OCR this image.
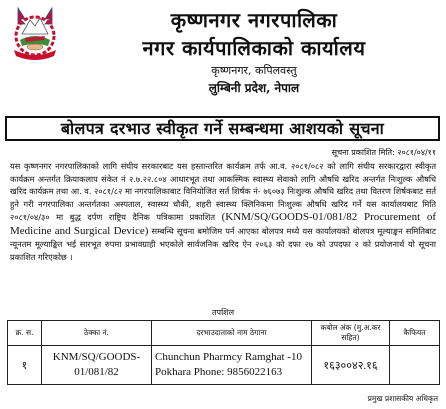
कृष्णनगर नगरपालिका
नगर कार्यपालिकाको कार्यालय
कृष्णनगर, कपिलवस्तु
लुम्बिनी प्रदेश, नेपाल
बोलपत्र दरभाउ स्वीकृत गर्ने सम्बन्धमा आशयको सूचना
सूचना प्रकाशित मिति: २०८१/०४/११
यस कृष्णनगर नगरपालिकाको लागि संघीय सरकारबाट यस हस्तान्तरित कार्यक्रम तर्फ आ.व. २०८१/०८२ को लागि संघीय सरकारद्वारा स्वीकृत कार्यक्रम अन्तर्गत क्रियाकलाप संकेत नं २.७.२२.८०४ आधारभूत तथा आकस्मिक स्वास्थ्य सेवाको लागि औषधि खरिद अन्तर्गत निःशुल्क औषधि खरिद कार्यक्रम तथा आ. व. २०८१/८२ मा नगरपालिकाबाट विनियोजित सर्त शिर्षक नं- ७६०७३ निःशुल्क औषधि खरिद तथा वितरण शिर्षकबाट सर्त हुने गरी नगरपालिका अन्तर्गतका अस्पताल, स्वास्थ्य चौकी, शहरी स्वास्थ्य क्लिनिकमा निःशुल्क औषधि खरिद गर्ने यस कार्यालयबाट मिति २०८१/०४/३० मा बुद्ध दर्पण राष्ट्रिय दैनिक पत्रिकामा प्रकाशित (KNM/SQ/GOODS-01/081/82 Procurement of Medicine and Surgical Device) सम्बन्धि सूचना बमोजिम पर्न आएका बोलपत्र मध्ये यस कार्यालयको बोलपत्र मूल्याङ्कन समितिबाट न्यूनतम मूल्याङ्कित भई सारभूत रुपमा प्रभावग्राही भएकोले सार्वजनिक खरिद ऐन २०६३ को दफा २७ को उपदफा २ को प्रयोजनार्थ यो सूचना प्रकाशित गरिएकोछ ।
तपशिल
क्र. स.	ठेक्का नं.	दरभाउदाताको नाम ठेगाना	कबोल अंक (मु.अ.कर सहित)	कैफियत
१	KNM/SQ/GOODS-01/081/82	Chunchun Pharmcy Ramghat -10 Pokhara Phone: 9856022163	१६३००४२.१६	
प्रमुख प्रशासकीय अधिकृत
